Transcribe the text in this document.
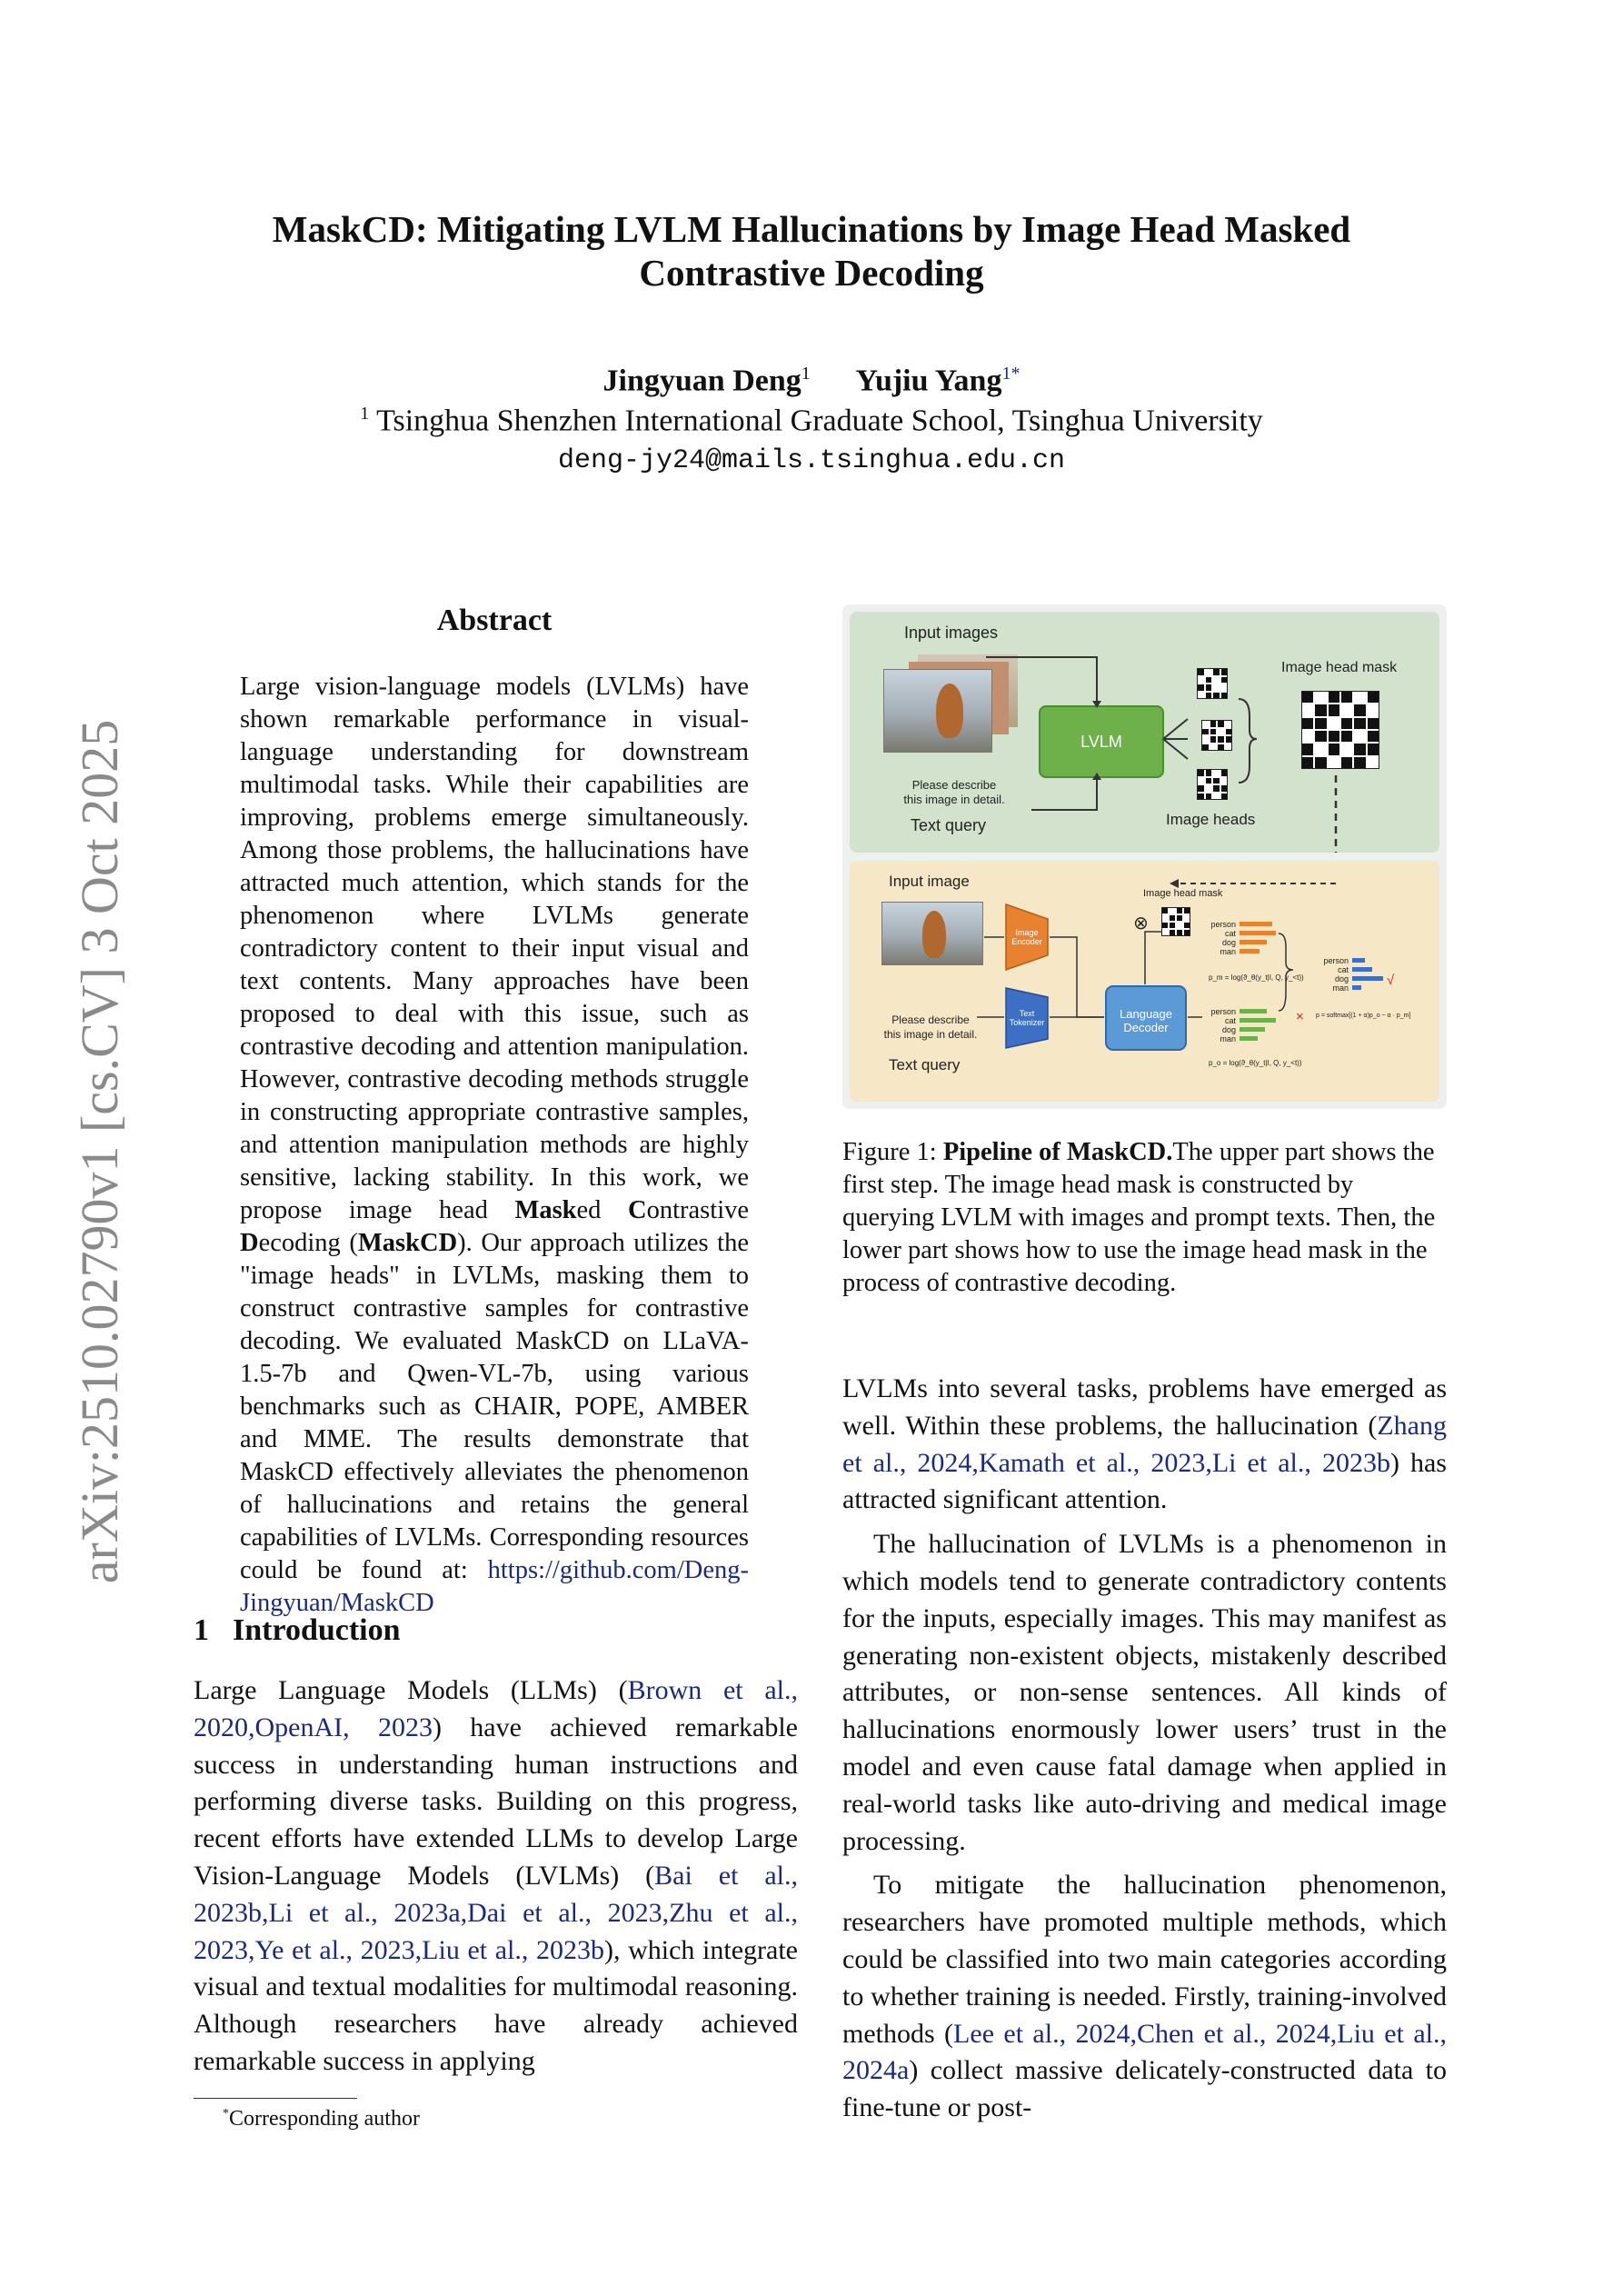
MaskCD: Mitigating LVLM Hallucinations by Image Head Masked
Contrastive Decoding
Jingyuan Deng$^1$ Yujiu Yang$^{1*}$
$^1$ Tsinghua Shenzhen International Graduate School, Tsinghua University
deng-jy24@mails.tsinghua.edu.cn
arXiv:2510.02790v1 [cs.CV] 3 Oct 2025
Abstract
Large vision-language models (LVLMs) have shown remarkable performance in visual-language understanding for downstream multimodal tasks. While their capabilities are improving, problems emerge simultaneously. Among those problems, the hallucinations have attracted much attention, which stands for the phenomenon where LVLMs generate contradictory content to their input visual and text contents. Many approaches have been proposed to deal with this issue, such as contrastive decoding and attention manipulation. However, contrastive decoding methods struggle in constructing appropriate contrastive samples, and attention manipulation methods are highly sensitive, lacking stability. In this work, we propose image head Masked Contrastive Decoding (MaskCD). Our approach utilizes the "image heads" in LVLMs, masking them to construct contrastive samples for contrastive decoding. We evaluated MaskCD on LLaVA-1.5-7b and Qwen-VL-7b, using various benchmarks such as CHAIR, POPE, AMBER and MME. The results demonstrate that MaskCD effectively alleviates the phenomenon of hallucinations and retains the general capabilities of LVLMs. Corresponding resources could be found at: https://github.com/Deng-Jingyuan/MaskCD
1 Introduction
Large Language Models (LLMs) (Brown et al., 2020,OpenAI, 2023) have achieved remarkable success in understanding human instructions and performing diverse tasks. Building on this progress, recent efforts have extended LLMs to develop Large Vision-Language Models (LVLMs) (Bai et al., 2023b,Li et al., 2023a,Dai et al., 2023,Zhu et al., 2023,Ye et al., 2023,Liu et al., 2023b), which integrate visual and textual modalities for multimodal reasoning. Although researchers have already achieved remarkable success in applying
*Corresponding author
LVLMs into several tasks, problems have emerged as well. Within these problems, the hallucination (Zhang et al., 2024,Kamath et al., 2023,Li et al., 2023b) has attracted significant attention.
The hallucination of LVLMs is a phenomenon in which models tend to generate contradictory contents for the inputs, especially images. This may manifest as generating non-existent objects, mistakenly described attributes, or non-sense sentences. All kinds of hallucinations enormously lower users’ trust in the model and even cause fatal damage when applied in real-world tasks like auto-driving and medical image processing.
To mitigate the hallucination phenomenon, researchers have promoted multiple methods, which could be classified into two main categories according to whether training is needed. Firstly, training-involved methods (Lee et al., 2024,Chen et al., 2024,Liu et al., 2024a) collect massive delicately-constructed data to fine-tune or post-
Input images
Please describe
this image in detail.
Text query
LVLM
Image head mask
Image heads
Input image
Please describe
this image in detail.
Text query
Image Encoder
Text Tokenizer
Language Decoder
Image head mask
⊗	person
cat
dog
man
p_m = log(ϑ_θ(y_t|I, Q, y_<t))
person
cat
dog
man
×
p_o = log(ϑ_θ(y_t|I, Q, y_<t))
person
cat
dog
man	√
p = softmax[(1 + α)p_o − α · p_m]
Figure 1: Pipeline of MaskCD.The upper part shows the first step. The image head mask is constructed by querying LVLM with images and prompt texts. Then, the lower part shows how to use the image head mask in the process of contrastive decoding.
